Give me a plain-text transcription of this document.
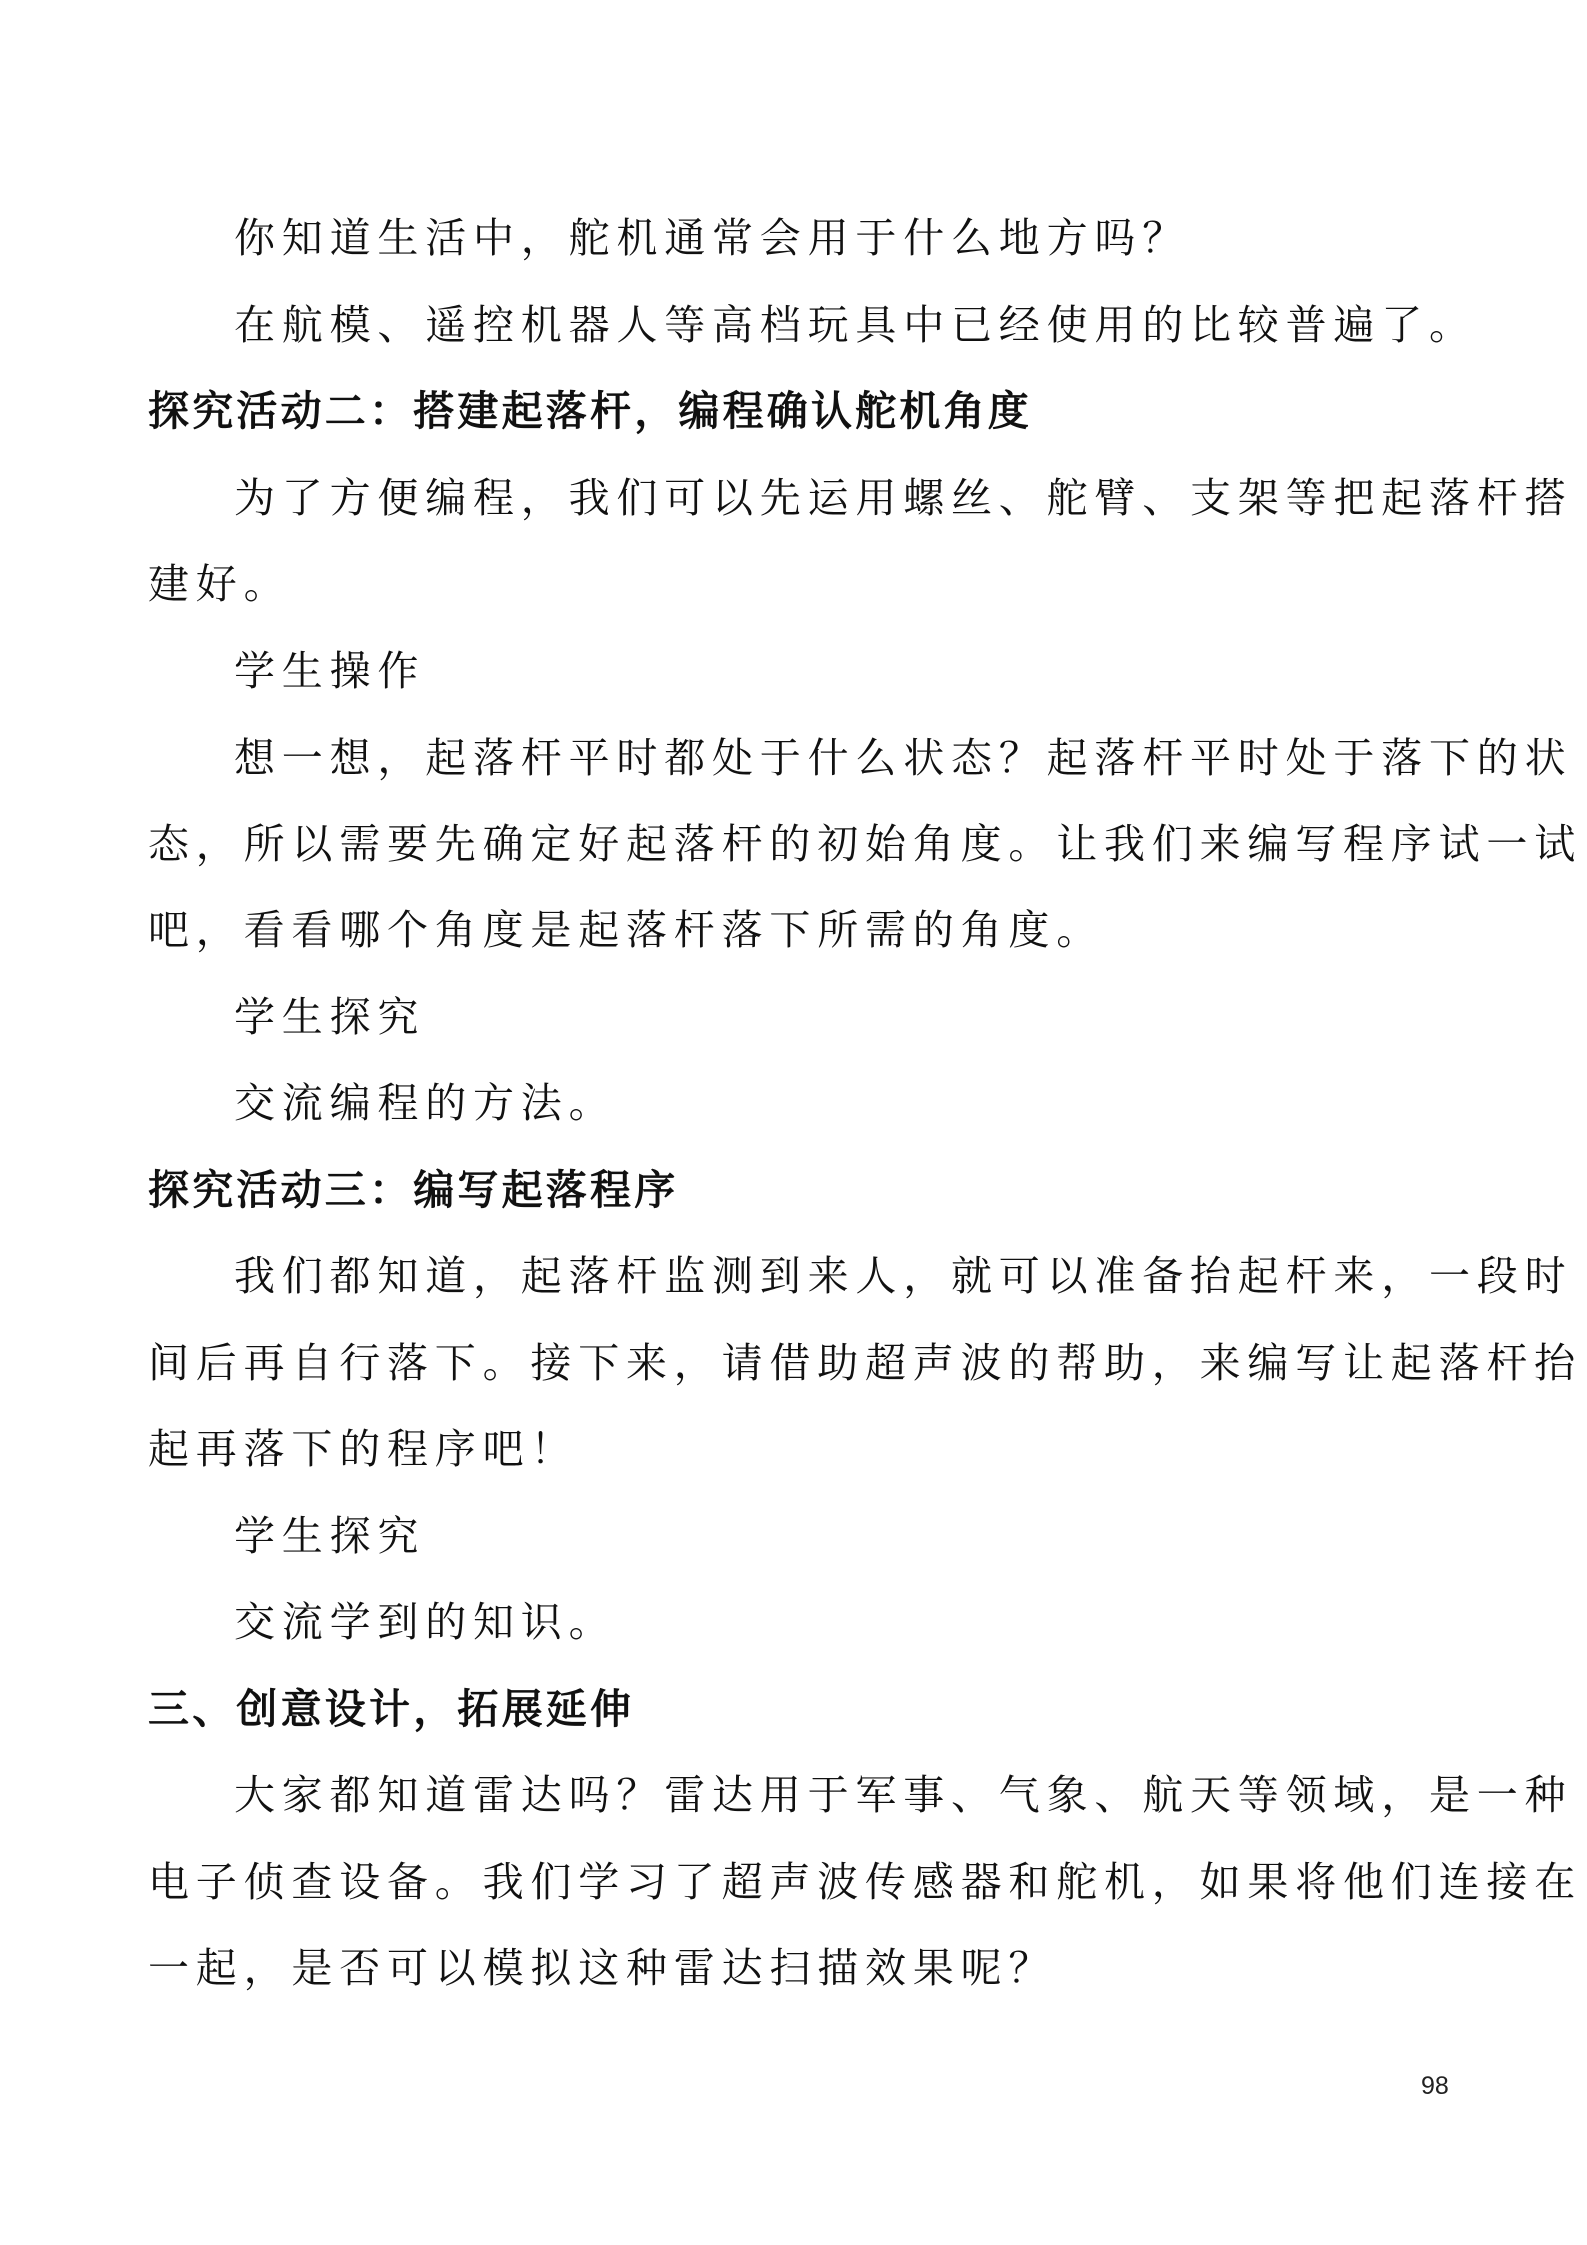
你知道生活中，舵机通常会用于什么地方吗？
在航模、遥控机器人等高档玩具中已经使用的比较普遍了。
探究活动二：搭建起落杆，编程确认舵机角度
为了方便编程，我们可以先运用螺丝、舵臂、支架等把起落杆搭
建好。
学生操作
想一想，起落杆平时都处于什么状态？起落杆平时处于落下的状
态，所以需要先确定好起落杆的初始角度。让我们来编写程序试一试
吧，看看哪个角度是起落杆落下所需的角度。
学生探究
交流编程的方法。
探究活动三：编写起落程序
我们都知道，起落杆监测到来人，就可以准备抬起杆来，一段时
间后再自行落下。接下来，请借助超声波的帮助，来编写让起落杆抬
起再落下的程序吧！
学生探究
交流学到的知识。
三、创意设计，拓展延伸
大家都知道雷达吗？雷达用于军事、气象、航天等领域，是一种
电子侦查设备。我们学习了超声波传感器和舵机，如果将他们连接在
一起，是否可以模拟这种雷达扫描效果呢？
98
